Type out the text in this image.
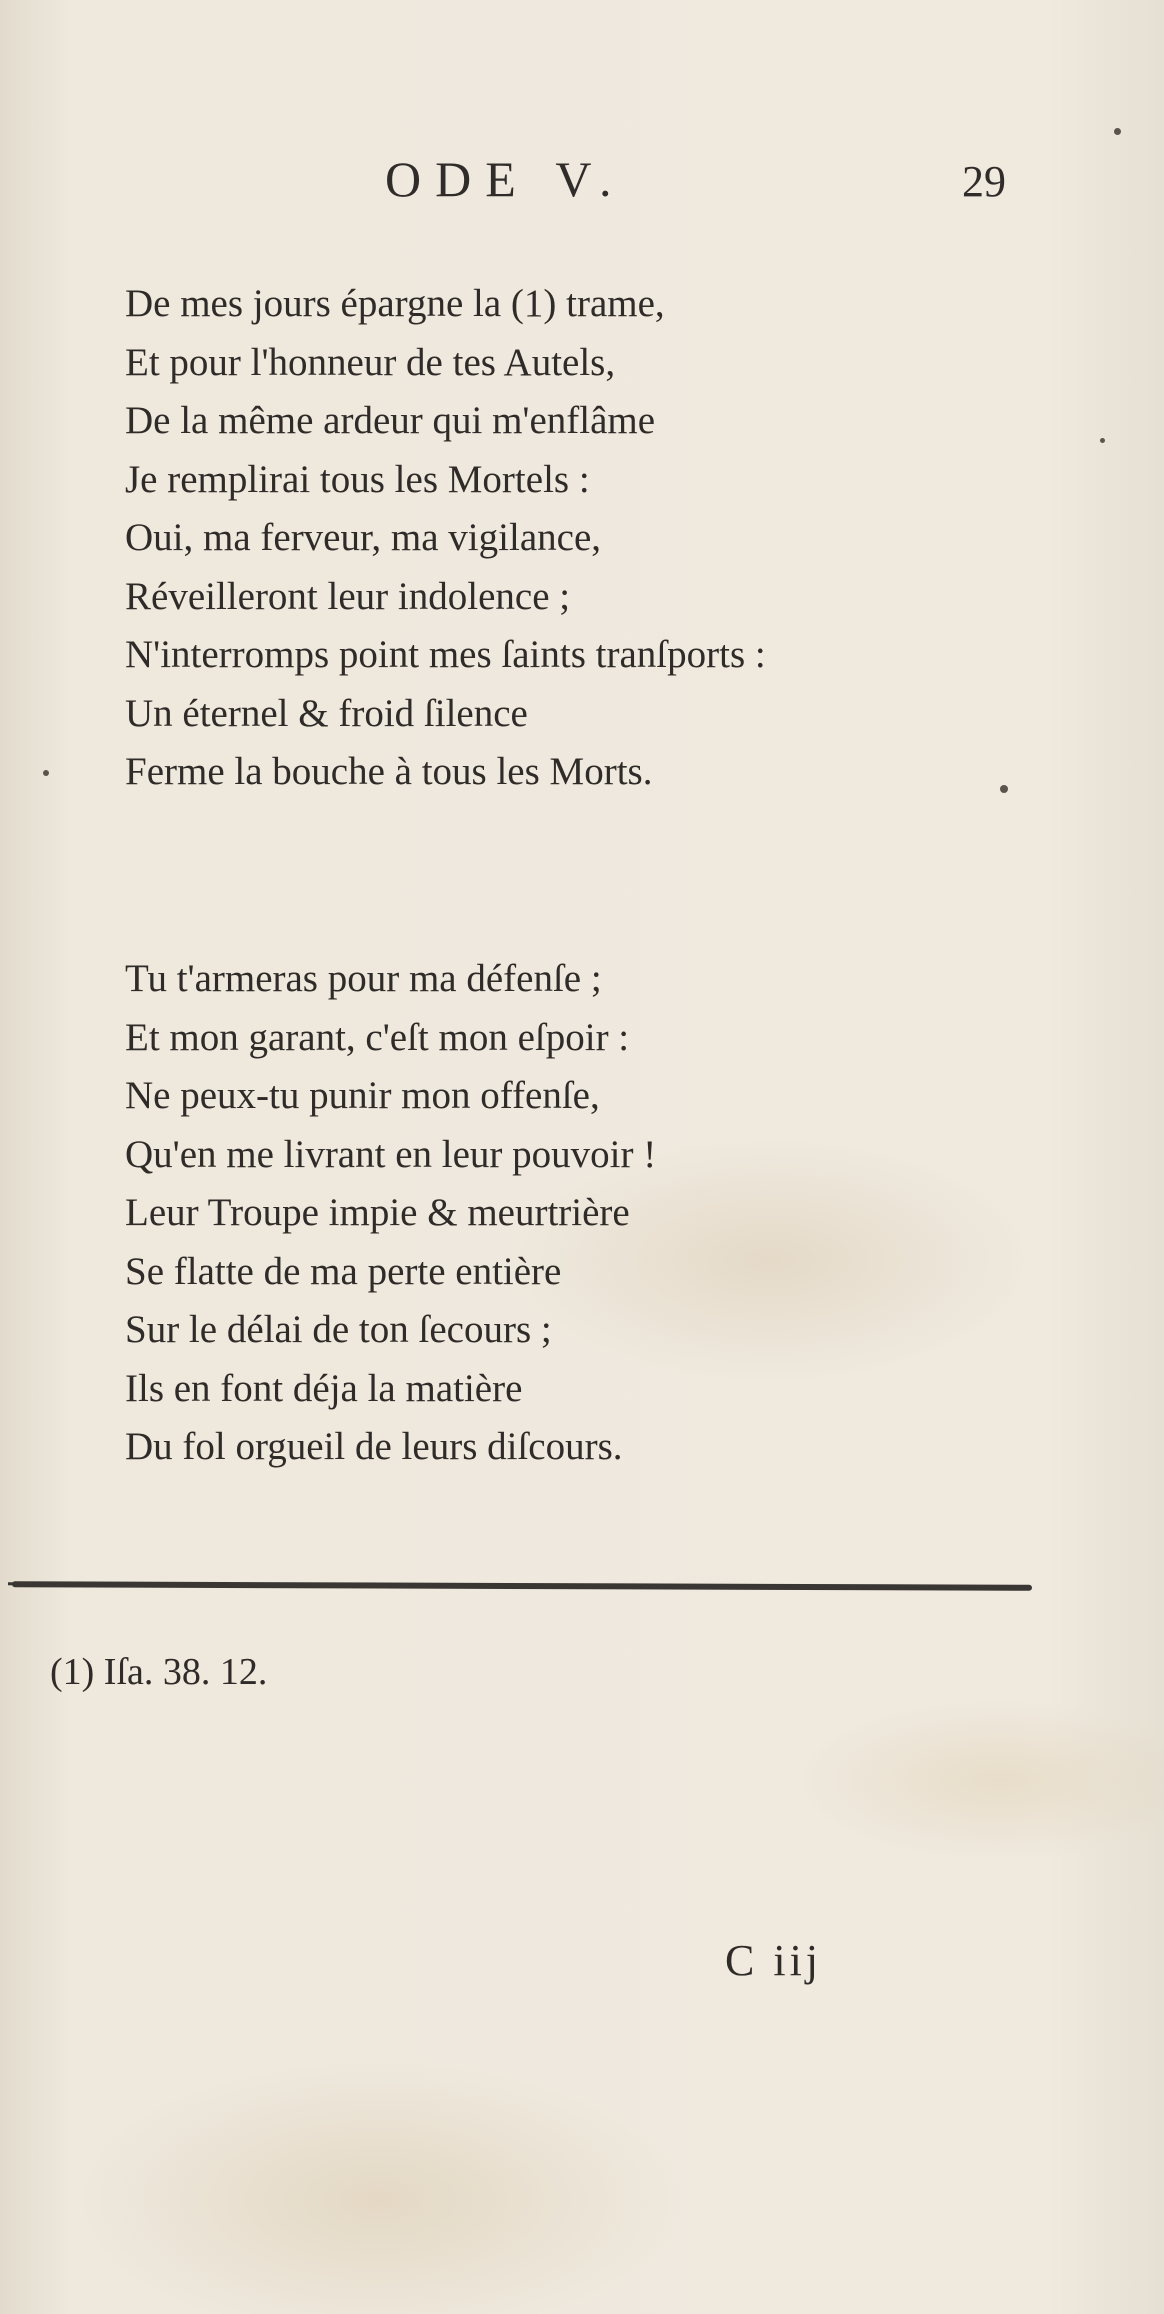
ODE V.	29
De mes jours épargne la (1) trame,
Et pour l'honneur de tes Autels,
De la même ardeur qui m'enflâme
Je remplirai tous les Mortels :
Oui, ma ferveur, ma vigilance,
Réveilleront leur indolence ;
N'interromps point mes ſaints tranſports :
Un éternel & froid ſilence
Ferme la bouche à tous les Morts.
Tu t'armeras pour ma défenſe ;
Et mon garant, c'eſt mon eſpoir :
Ne peux-tu punir mon offenſe,
Qu'en me livrant en leur pouvoir !
Leur Troupe impie & meurtrière
Se flatte de ma perte entière
Sur le délai de ton ſecours ;
Ils en font déja la matière
Du fol orgueil de leurs diſcours.
(1) Iſa. 38. 12.
C iij
